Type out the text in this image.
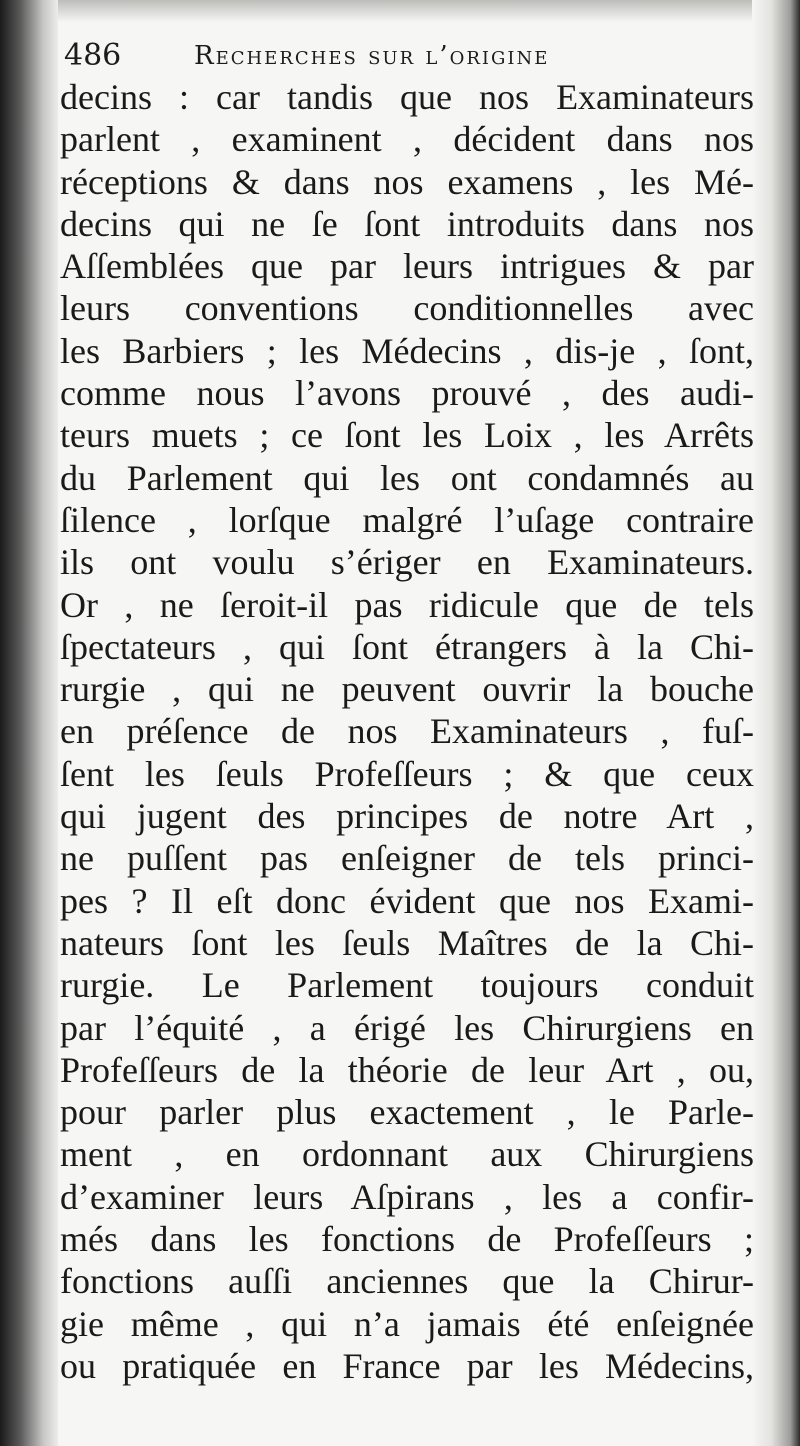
486	Recherches sur l’origine
decins : car tandis que nos Examinateurs
parlent , examinent , décident dans nos
réceptions & dans nos examens , les Mé-
decins qui ne ſe ſont introduits dans nos
Aſſemblées que par leurs intrigues & par
leurs conventions conditionnelles avec
les Barbiers ; les Médecins , dis-je , ſont,
comme nous l’avons prouvé , des audi-
teurs muets ; ce ſont les Loix , les Arrêts
du Parlement qui les ont condamnés au
ſilence , lorſque malgré l’uſage contraire
ils ont voulu s’ériger en Examinateurs.
Or , ne ſeroit-il pas ridicule que de tels
ſpectateurs , qui ſont étrangers à la Chi-
rurgie , qui ne peuvent ouvrir la bouche
en préſence de nos Examinateurs , fuſ-
ſent les ſeuls Profeſſeurs ; & que ceux
qui jugent des principes de notre Art ,
ne puſſent pas enſeigner de tels princi-
pes ? Il eſt donc évident que nos Exami-
nateurs ſont les ſeuls Maîtres de la Chi-
rurgie. Le Parlement toujours conduit
par l’équité , a érigé les Chirurgiens en
Profeſſeurs de la théorie de leur Art , ou,
pour parler plus exactement , le Parle-
ment , en ordonnant aux Chirurgiens
d’examiner leurs Aſpirans , les a confir-
més dans les fonctions de Profeſſeurs ;
fonctions auſſi anciennes que la Chirur-
gie même , qui n’a jamais été enſeignée
ou pratiquée en France par les Médecins,
